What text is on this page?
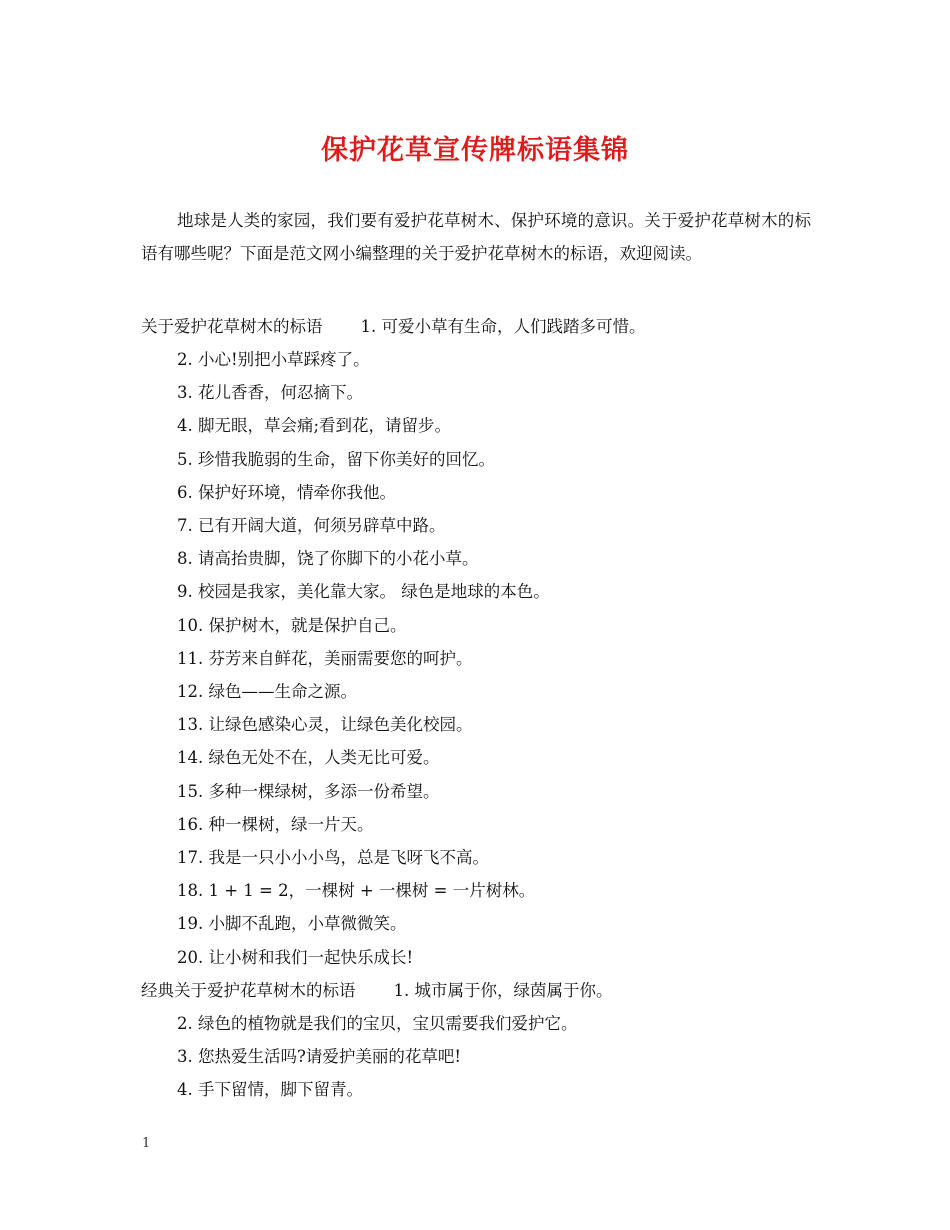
保护花草宣传牌标语集锦

地球是人类的家园，我们要有爱护花草树木、保护环境的意识。关于爱护花草树木的标语有哪些呢？下面是范文网小编整理的关于爱护花草树木的标语，欢迎阅读。

关于爱护花草树木的标语 1. 可爱小草有生命，人们践踏多可惜。
2. 小心!别把小草踩疼了。
3. 花儿香香，何忍摘下。
4. 脚无眼，草会痛;看到花，请留步。
5. 珍惜我脆弱的生命，留下你美好的回忆。
6. 保护好环境，情牵你我他。
7. 已有开阔大道，何须另辟草中路。
8. 请高抬贵脚，饶了你脚下的小花小草。
9. 校园是我家，美化靠大家。 绿色是地球的本色。
10. 保护树木，就是保护自己。
11. 芬芳来自鲜花，美丽需要您的呵护。
12. 绿色——生命之源。
13. 让绿色感染心灵，让绿色美化校园。
14. 绿色无处不在，人类无比可爱。
15. 多种一棵绿树，多添一份希望。
16. 种一棵树，绿一片天。
17. 我是一只小小小鸟，总是飞呀飞不高。
18. 1 + 1 = 2，一棵树 + 一棵树 = 一片树林。
19. 小脚不乱跑，小草微微笑。
20. 让小树和我们一起快乐成长!
经典关于爱护花草树木的标语 1. 城市属于你，绿茵属于你。
2. 绿色的植物就是我们的宝贝，宝贝需要我们爱护它。
3. 您热爱生活吗?请爱护美丽的花草吧!
4. 手下留情，脚下留青。
1
